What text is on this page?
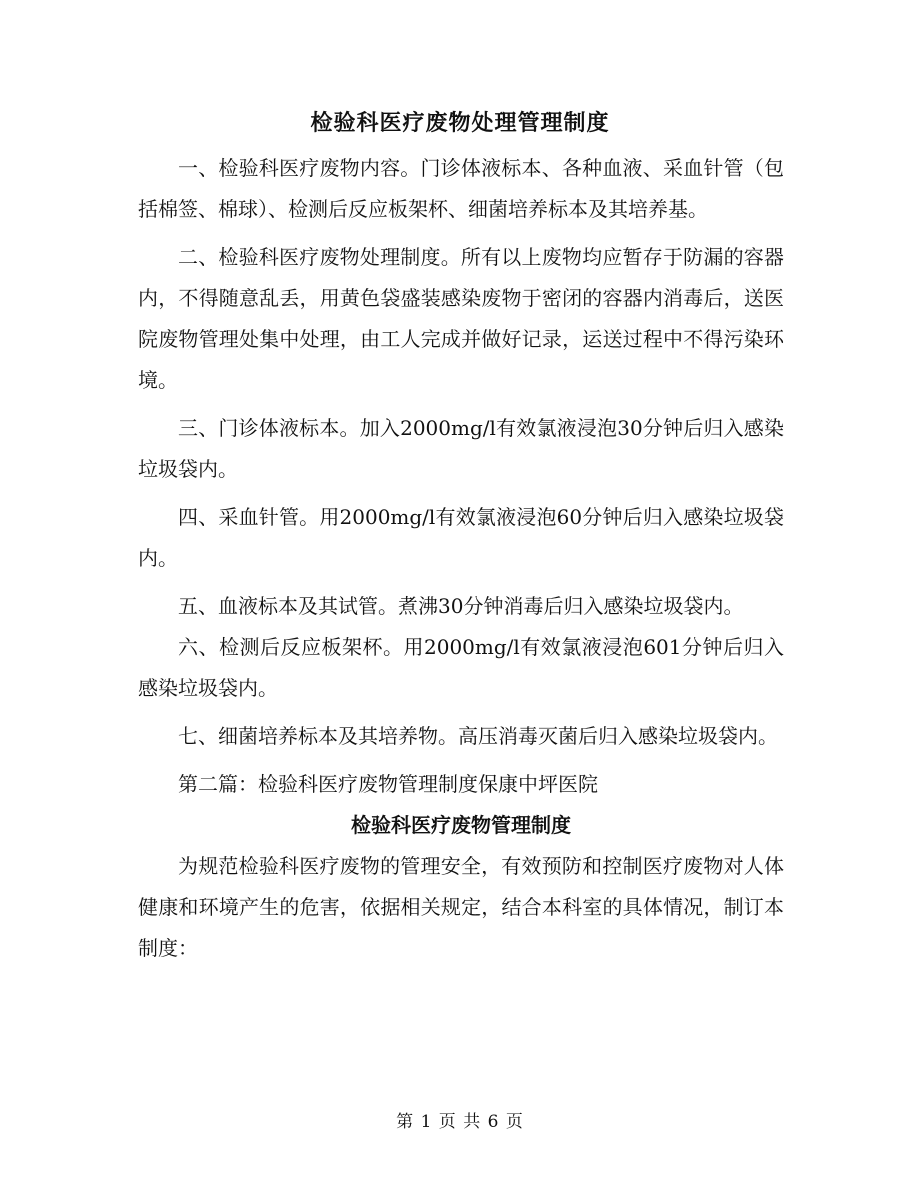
检验科医疗废物处理管理制度

一、检验科医疗废物内容。门诊体液标本、各种血液、采血针管（包括棉签、棉球）、检测后反应板架杯、细菌培养标本及其培养基。

二、检验科医疗废物处理制度。所有以上废物均应暂存于防漏的容器内，不得随意乱丢，用黄色袋盛装感染废物于密闭的容器内消毒后，送医院废物管理处集中处理，由工人完成并做好记录，运送过程中不得污染环境。

三、门诊体液标本。加入2000mg/l有效氯液浸泡30分钟后归入感染垃圾袋内。

四、采血针管。用2000mg/l有效氯液浸泡60分钟后归入感染垃圾袋内。

五、血液标本及其试管。煮沸30分钟消毒后归入感染垃圾袋内。

六、检测后反应板架杯。用2000mg/l有效氯液浸泡601分钟后归入感染垃圾袋内。

七、细菌培养标本及其培养物。高压消毒灭菌后归入感染垃圾袋内。

第二篇：检验科医疗废物管理制度保康中坪医院

检验科医疗废物管理制度

为规范检验科医疗废物的管理安全，有效预防和控制医疗废物对人体健康和环境产生的危害，依据相关规定，结合本科室的具体情况，制订本制度：

第 1 页 共 6 页
